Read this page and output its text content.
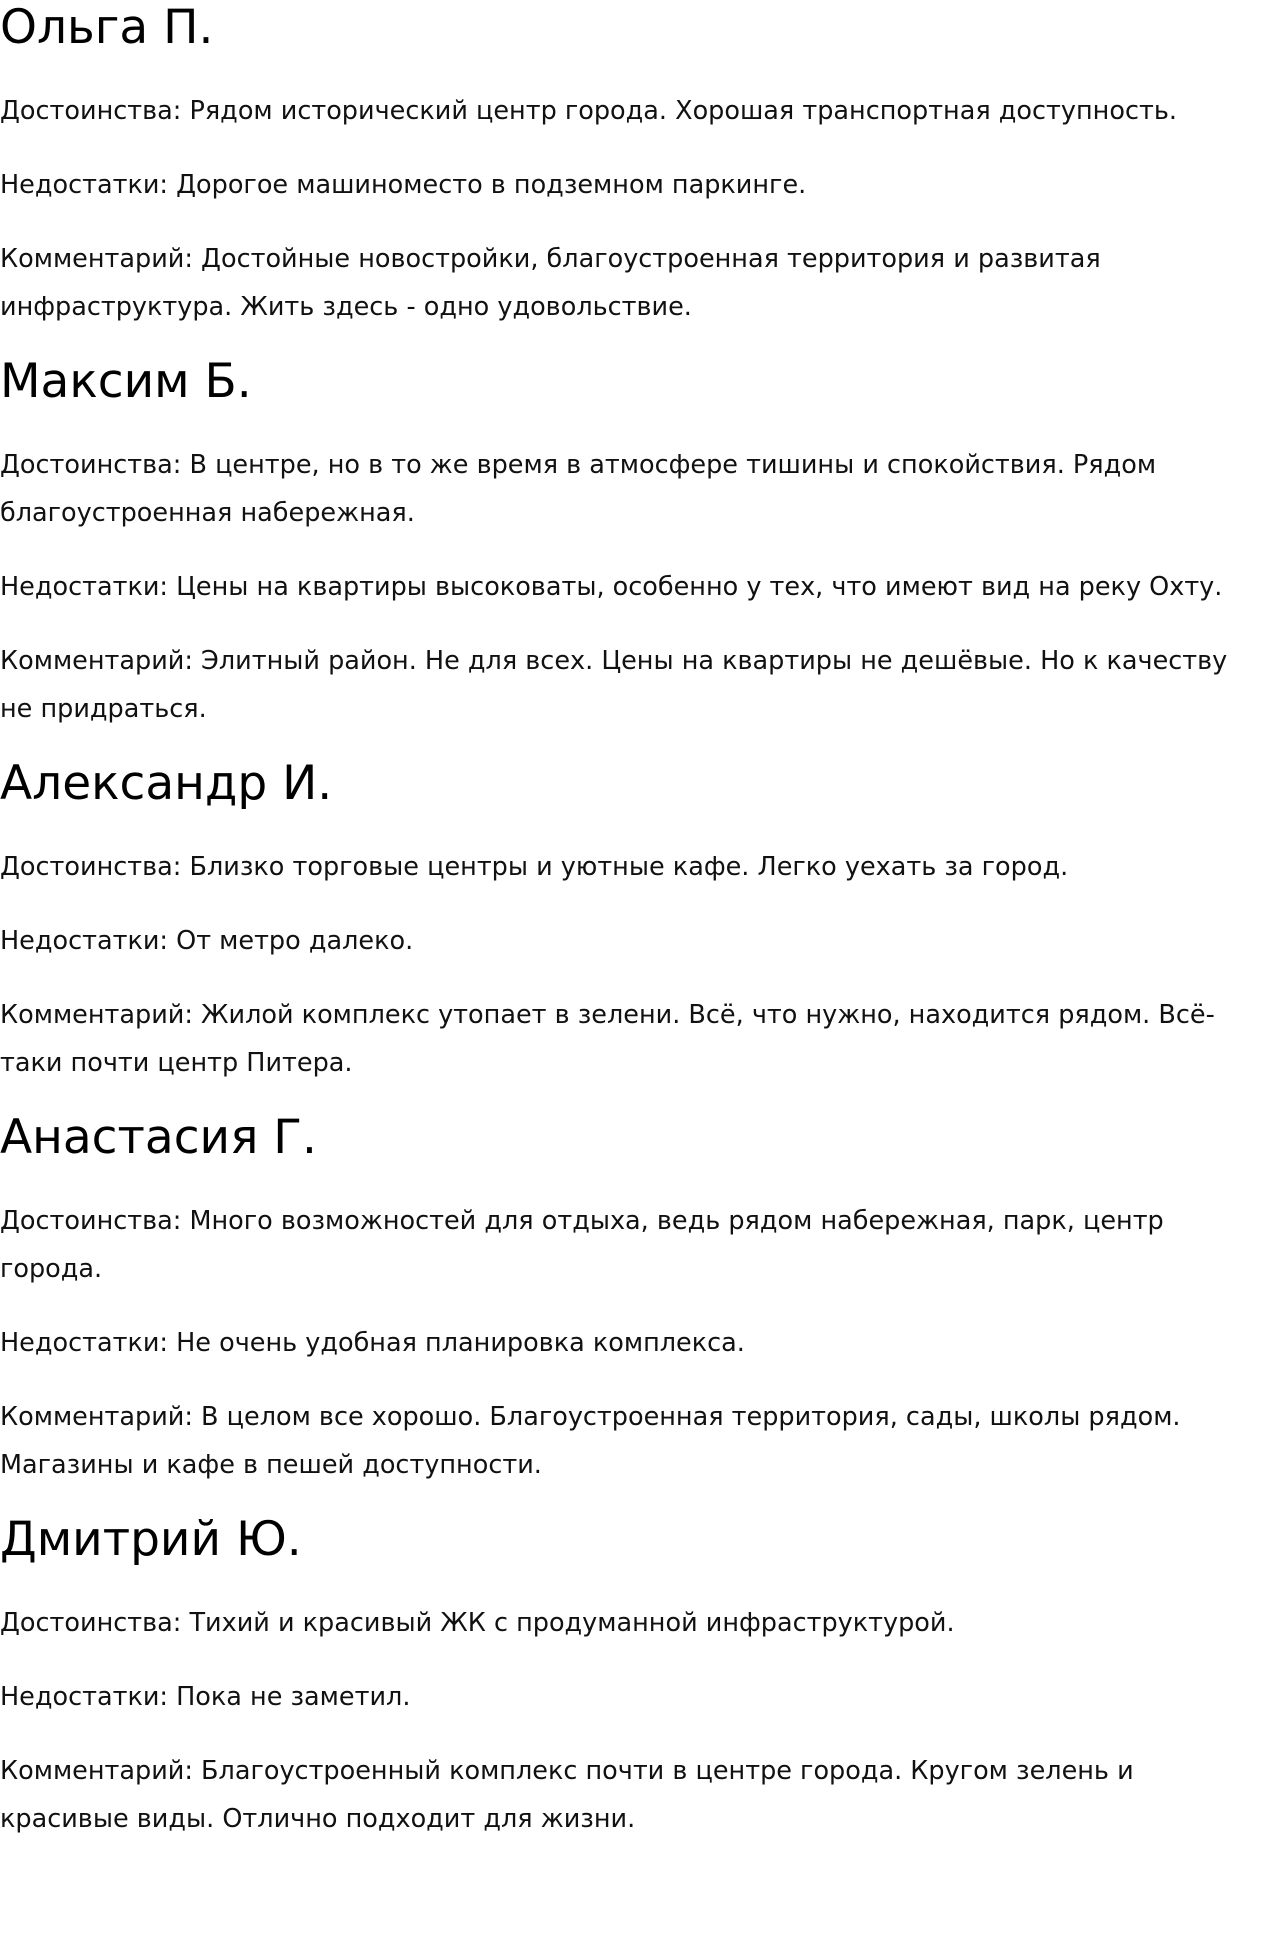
Ольга П.

Достоинства: Рядом исторический центр города. Хорошая транспортная доступность.

Недостатки: Дорогое машиноместо в подземном паркинге.

Комментарий: Достойные новостройки, благоустроенная территория и развитая инфраструктура. Жить здесь - одно удовольствие.

Максим Б.

Достоинства: В центре, но в то же время в атмосфере тишины и спокойствия. Рядом благоустроенная набережная.

Недостатки: Цены на квартиры высоковаты, особенно у тех, что имеют вид на реку Охту.

Комментарий: Элитный район. Не для всех. Цены на квартиры не дешёвые. Но к качеству не придраться.

Александр И.

Достоинства: Близко торговые центры и уютные кафе. Легко уехать за город.

Недостатки: От метро далеко.

Комментарий: Жилой комплекс утопает в зелени. Всё, что нужно, находится рядом. Всё-таки почти центр Питера.

Анастасия Г.

Достоинства: Много возможностей для отдыха, ведь рядом набережная, парк, центр города.

Недостатки: Не очень удобная планировка комплекса.

Комментарий: В целом все хорошо. Благоустроенная территория, сады, школы рядом. Магазины и кафе в пешей доступности.

Дмитрий Ю.

Достоинства: Тихий и красивый ЖК с продуманной инфраструктурой.

Недостатки: Пока не заметил.

Комментарий: Благоустроенный комплекс почти в центре города. Кругом зелень и красивые виды. Отлично подходит для жизни.
